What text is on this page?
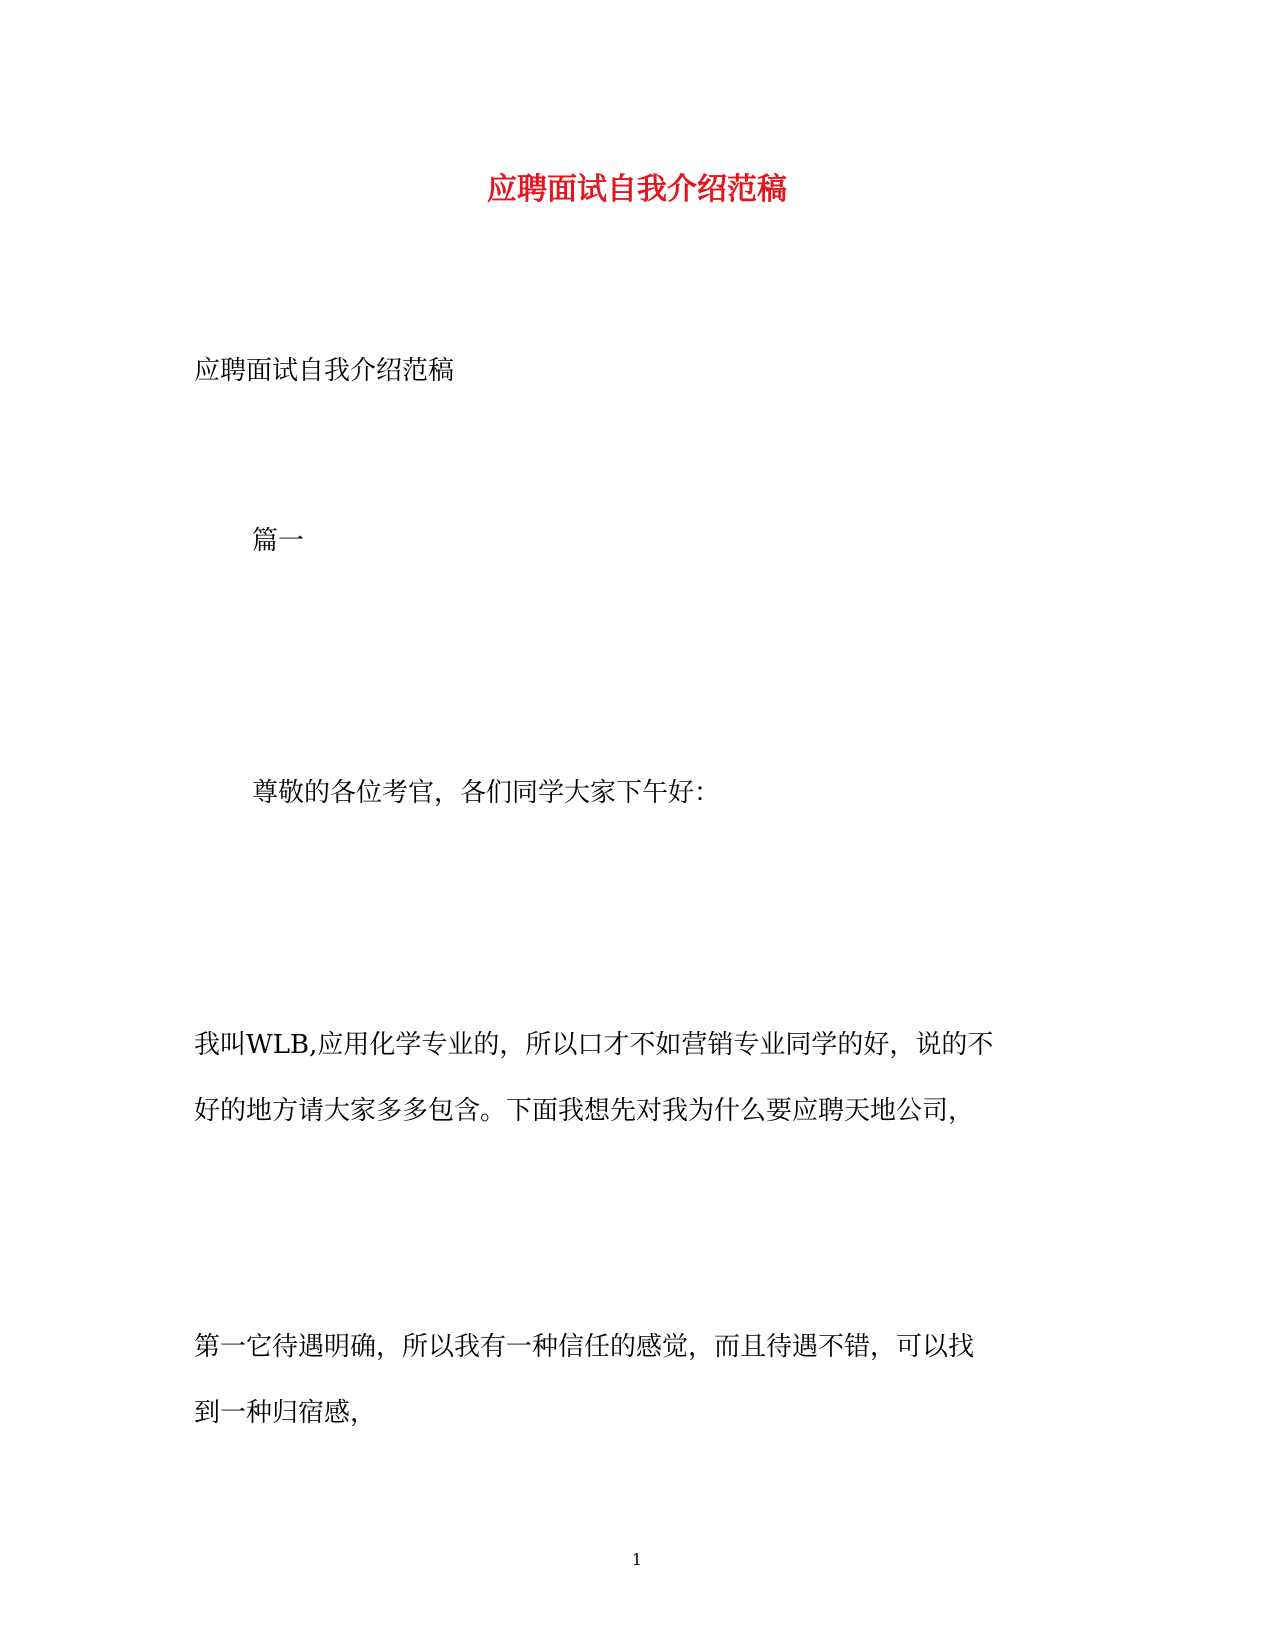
应聘面试自我介绍范稿

应聘面试自我介绍范稿

篇一

尊敬的各位考官，各们同学大家下午好：

我叫WLB,应用化学专业的，所以口才不如营销专业同学的好，说的不

好的地方请大家多多包含。下面我想先对我为什么要应聘天地公司，

第一它待遇明确，所以我有一种信任的感觉，而且待遇不错，可以找

到一种归宿感，

1
